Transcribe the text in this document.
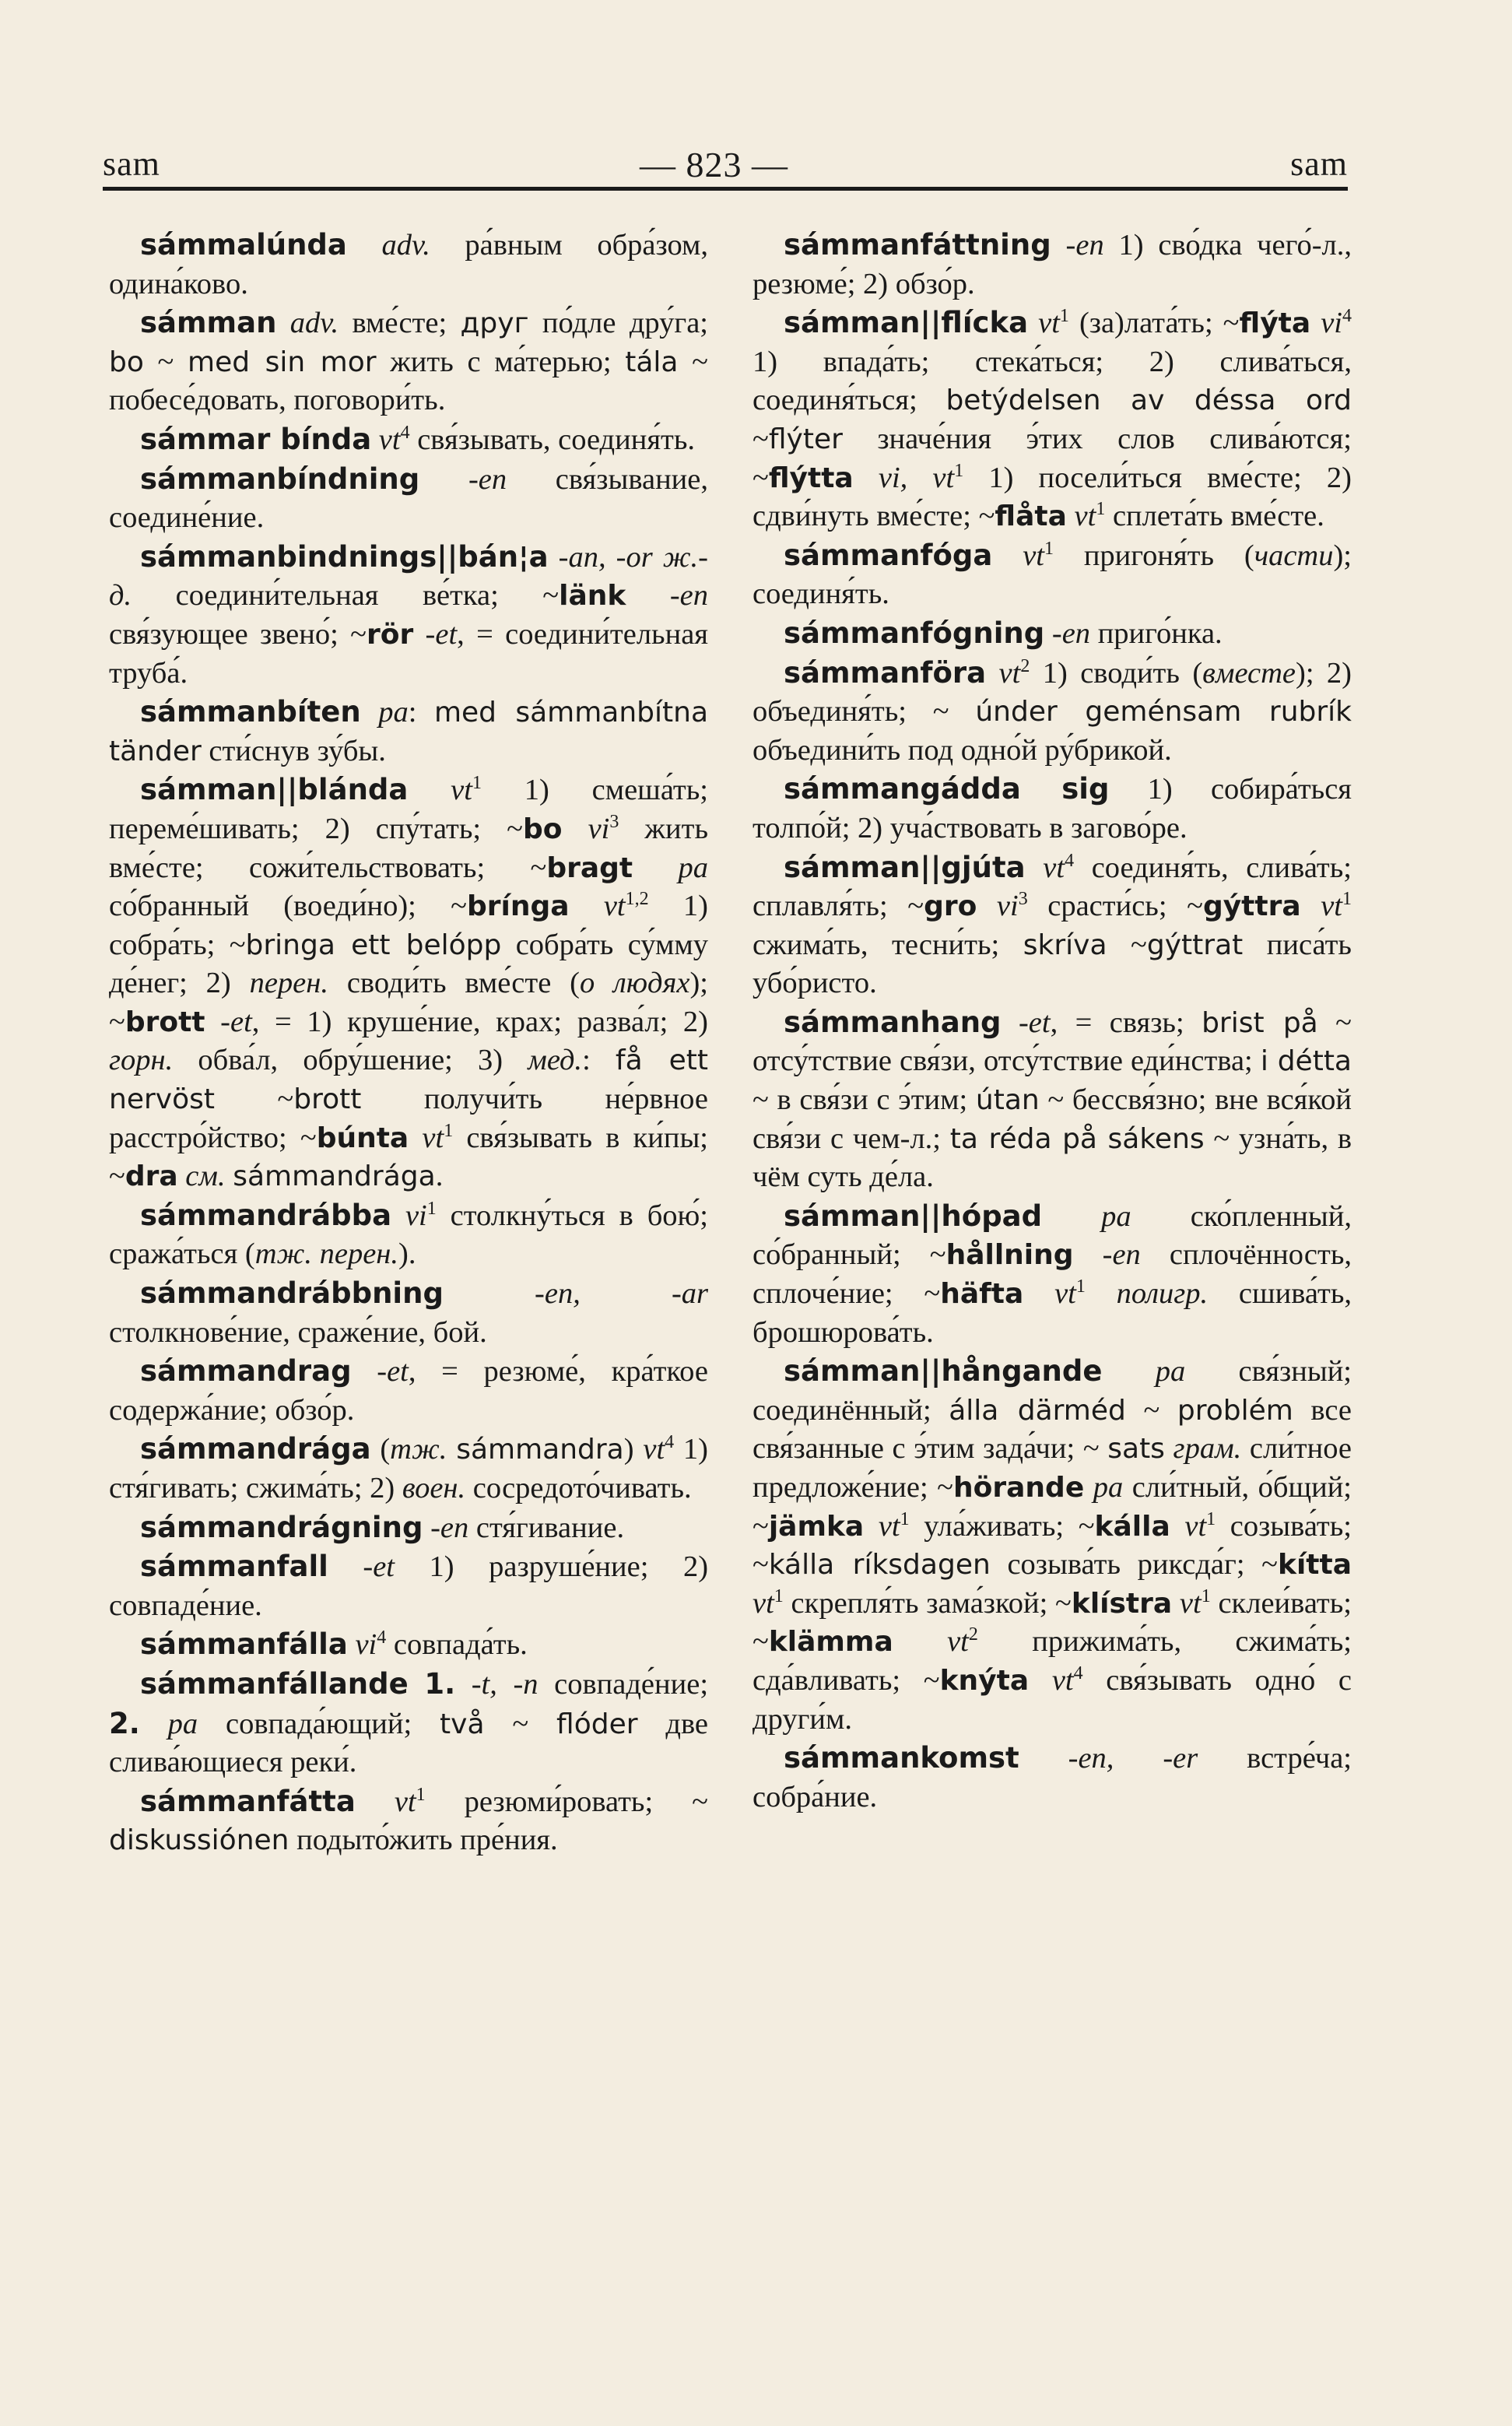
sam	— 823 —	sam

sámmalúnda adv. ра́вным обра́зом, одина́ково.

sámman adv. вме́сте; друг по́дле дру́га; bo ~ med sin mor жить с ма́терью; tála ~ побесе́довать, поговори́ть.

sámmar bínda $vt^4$ свя́зывать, соединя́ть.

sámmanbíndning -en свя́зывание, соедине́ние.

sámmanbindnings||bán¦a -an, -or ж.-д. соедини́тельная ве́тка; ~länk -en свя́зующее звено́; ~rör -et, = соедини́тельная труба́.

sámmanbíten pa: med sámmanbítna tänder сти́снув зу́бы.

sámman||blánda $vt^1$ 1) смеша́ть; переме́шивать; 2) спу́тать; ~bo $vi^3$ жить вме́сте; сожи́тельствовать; ~bragt pa со́бранный (воеди́но); ~brínga vt$^{1,2}$ 1) собра́ть; ~bringa ett belópp собра́ть су́мму де́нег; 2) перен. своди́ть вме́сте (о людях); ~brott -et, = 1) круше́ние, крах; разва́л; 2) горн. обва́л, обру́шение; 3) мед.: få ett nervöst ~brott получи́ть не́рвное расстро́йство; ~búnta $vt^1$ свя́зывать в ки́пы; ~dra см. sámmandrága.

sámmandrábba $vi^1$ столкну́ться в бою́; сража́ться (тж. перен.).

sámmandrábbning	-en, -ar столкнове́ние, сраже́ние, бой.

sámmandrag -et, = резюме́, кра́ткое содержа́ние; обзо́р.

sámmandrága (тж. sámmandra) $vt^4$ 1) стя́гивать; сжима́ть; 2) воен. сосредото́чивать.

sámmandrágning -en стя́гивание.

sámmanfall -et 1) разруше́ние; 2) совпаде́ние.

sámmanfálla $vi^4$ совпада́ть.

sámmanfállande 1. -t, -n совпаде́ние; 2. pa совпада́ющий; två ~ flóder две слива́ющиеся реки́.

sámmanfátta $vt^1$ резюми́ровать; ~ diskussiónen подыто́жить пре́ния.

sámmanfáttning -en 1) сво́дка чего́-л., резюме́; 2) обзо́р.

sámman||flícka $vt^1$ (за)лата́ть; ~flýta $vi^4$ 1) впада́ть; стека́ться; 2) слива́ться, соединя́ться; betýdelsen av déssa ord ~flýter значе́ния э́тих слов слива́ются; ~flýtta vi, $vt^1$ 1) посели́ться вме́сте; 2) сдви́нуть вме́сте; ~flåta $vt^1$ сплета́ть вме́сте.

sámmanfóga $vt^1$ пригоня́ть (части); соединя́ть.

sámmanfógning -en приго́нка.

sámmanföra $vt^2$ 1) своди́ть (вместе); 2) объединя́ть; ~ únder geménsam rubrík объедини́ть под одно́й ру́брикой.

sámmangádda sig 1) собира́ться толпо́й; 2) уча́ствовать в загово́ре.

sámman||gjúta $vt^4$ соединя́ть, слива́ть; сплавля́ть; ~gro $vi^3$ срасти́сь; ~gýttra $vt^1$ сжима́ть, тесни́ть; skríva ~gýttrat писа́ть убо́ристо.

sámmanhang -et, = связь; brist på ~ отсу́тствие свя́зи, отсу́тствие еди́нства; i détta ~ в свя́зи с э́тим; útan ~ бессвя́зно; вне вся́кой свя́зи с чем-л.; ta réda på sákens ~ узна́ть, в чём суть де́ла.

sámman||hópad pa ско́пленный, со́бранный; ~hållning -en сплочённость, сплоче́ние; ~häfta $vt^1$ полигр. сшива́ть, брошюрова́ть.

sámman||hångande pa свя́зный; соединённый; álla därméd ~ problém все свя́занные с э́тим зада́чи; ~ sats грам. сли́тное предложе́ние; ~hörande pa сли́тный, о́бщий; ~jämka $vt^1$ ула́живать; ~kálla $vt^1$ созыва́ть; ~kálla ríksdagen созыва́ть риксда́г; ~kítta $vt^1$ скрепля́ть зама́зкой; ~klístra $vt^1$ склеи́вать; ~klämma $vt^2$ прижима́ть, сжима́ть; сда́вливать; ~knýta $vt^4$ свя́зывать одно́ с други́м.

sámmankomst -en, -er встре́ча; собра́ние.
